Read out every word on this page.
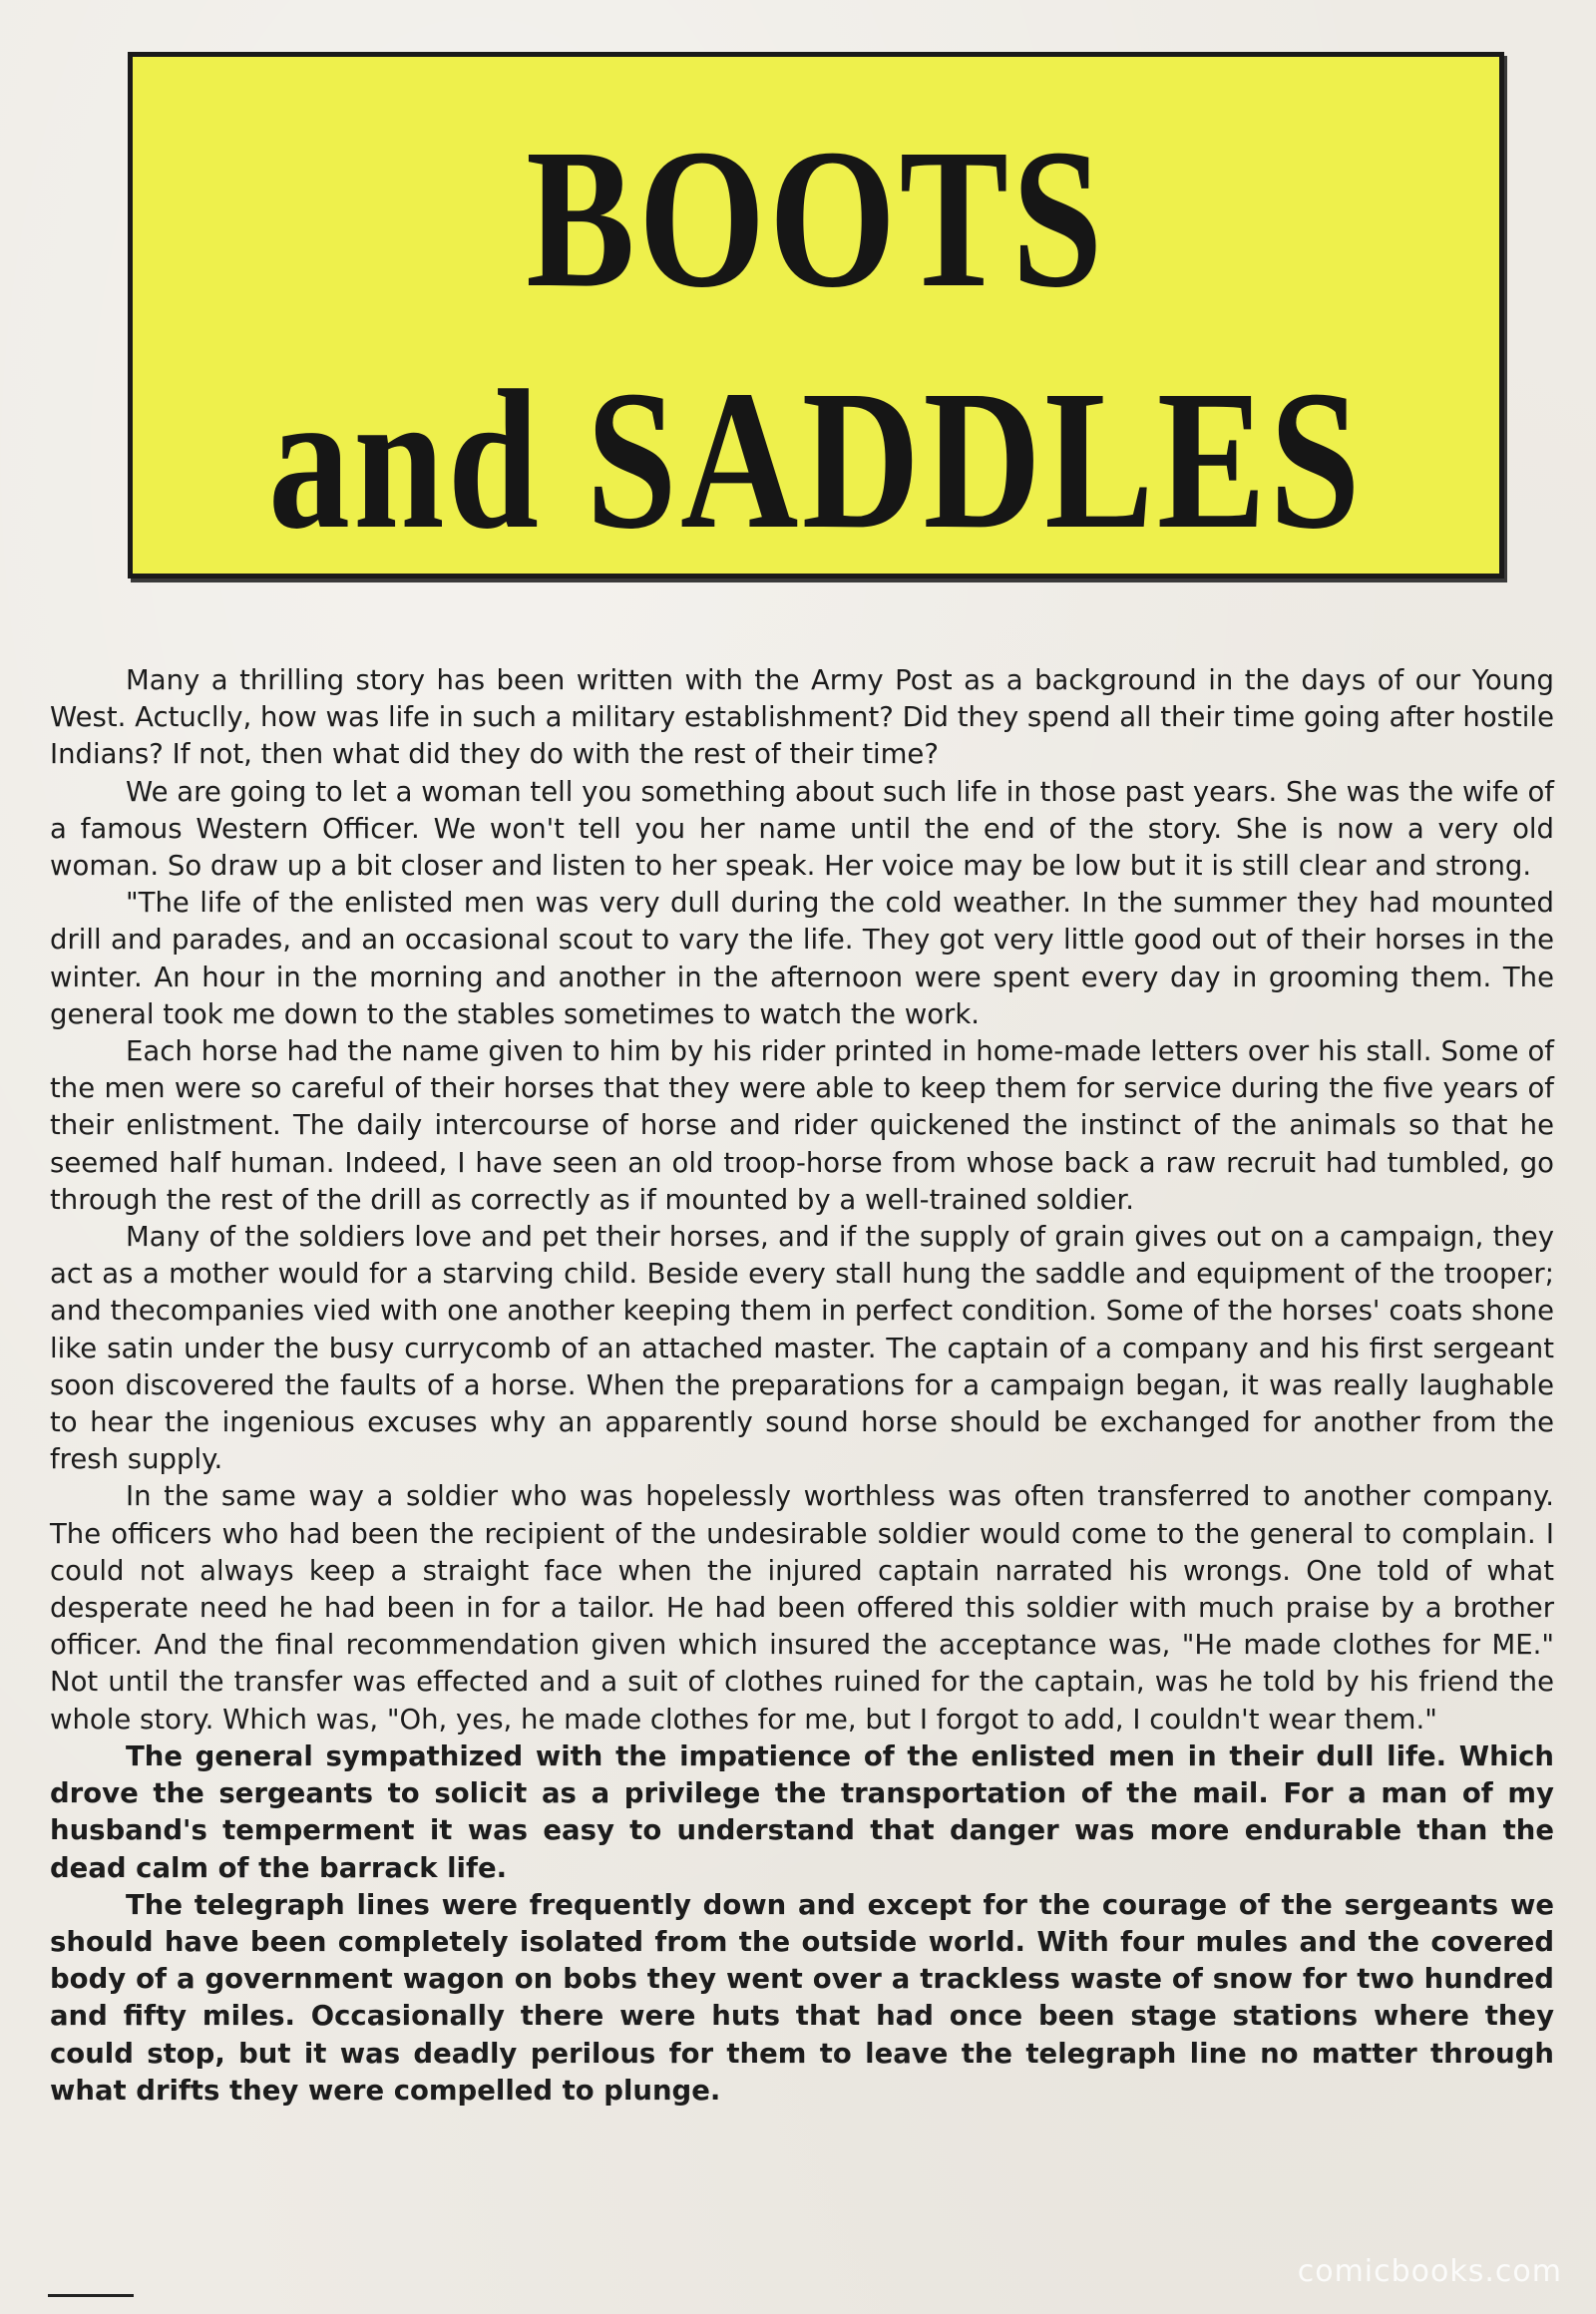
BOOTS
and SADDLES

Many a thrilling story has been written with the Army Post as a background in the days of our Young West. Actuclly, how was life in such a military establishment? Did they spend all their time going after hostile Indians? If not, then what did they do with the rest of their time?

We are going to let a woman tell you something about such life in those past years. She was the wife of a famous Western Officer. We won't tell you her name until the end of the story. She is now a very old woman. So draw up a bit closer and listen to her speak. Her voice may be low but it is still clear and strong.

"The life of the enlisted men was very dull during the cold weather. In the summer they had mounted drill and parades, and an occasional scout to vary the life. They got very little good out of their horses in the winter. An hour in the morning and another in the afternoon were spent every day in grooming them. The general took me down to the stables sometimes to watch the work.

Each horse had the name given to him by his rider printed in home-made letters over his stall. Some of the men were so careful of their horses that they were able to keep them for service during the five years of their enlistment. The daily intercourse of horse and rider quickened the instinct of the animals so that he seemed half human. Indeed, I have seen an old troop-horse from whose back a raw recruit had tumbled, go through the rest of the drill as correctly as if mounted by a well-trained soldier.

Many of the soldiers love and pet their horses, and if the supply of grain gives out on a campaign, they act as a mother would for a starving child. Beside every stall hung the saddle and equipment of the trooper; and thecompanies vied with one another keeping them in perfect condition. Some of the horses' coats shone like satin under the busy currycomb of an attached master. The captain of a company and his first sergeant soon discovered the faults of a horse. When the preparations for a campaign began, it was really laughable to hear the ingenious excuses why an apparently sound horse should be exchanged for another from the fresh supply.

In the same way a soldier who was hopelessly worthless was often transferred to another company. The officers who had been the recipient of the undesirable soldier would come to the general to complain. I could not always keep a straight face when the injured captain narrated his wrongs. One told of what desperate need he had been in for a tailor. He had been offered this soldier with much praise by a brother officer. And the final recommendation given which insured the acceptance was, "He made clothes for ME." Not until the transfer was effected and a suit of clothes ruined for the captain, was he told by his friend the whole story. Which was, "Oh, yes, he made clothes for me, but I forgot to add, I couldn't wear them."

The general sympathized with the impatience of the enlisted men in their dull life. Which drove the sergeants to solicit as a privilege the transportation of the mail. For a man of my husband's temperment it was easy to understand that danger was more endurable than the dead calm of the barrack life.

The telegraph lines were frequently down and except for the courage of the sergeants we should have been completely isolated from the outside world. With four mules and the covered body of a government wagon on bobs they went over a trackless waste of snow for two hundred and fifty miles. Occasionally there were huts that had once been stage stations where they could stop, but it was deadly perilous for them to leave the telegraph line no matter through what drifts they were compelled to plunge.

comicbooks.com
